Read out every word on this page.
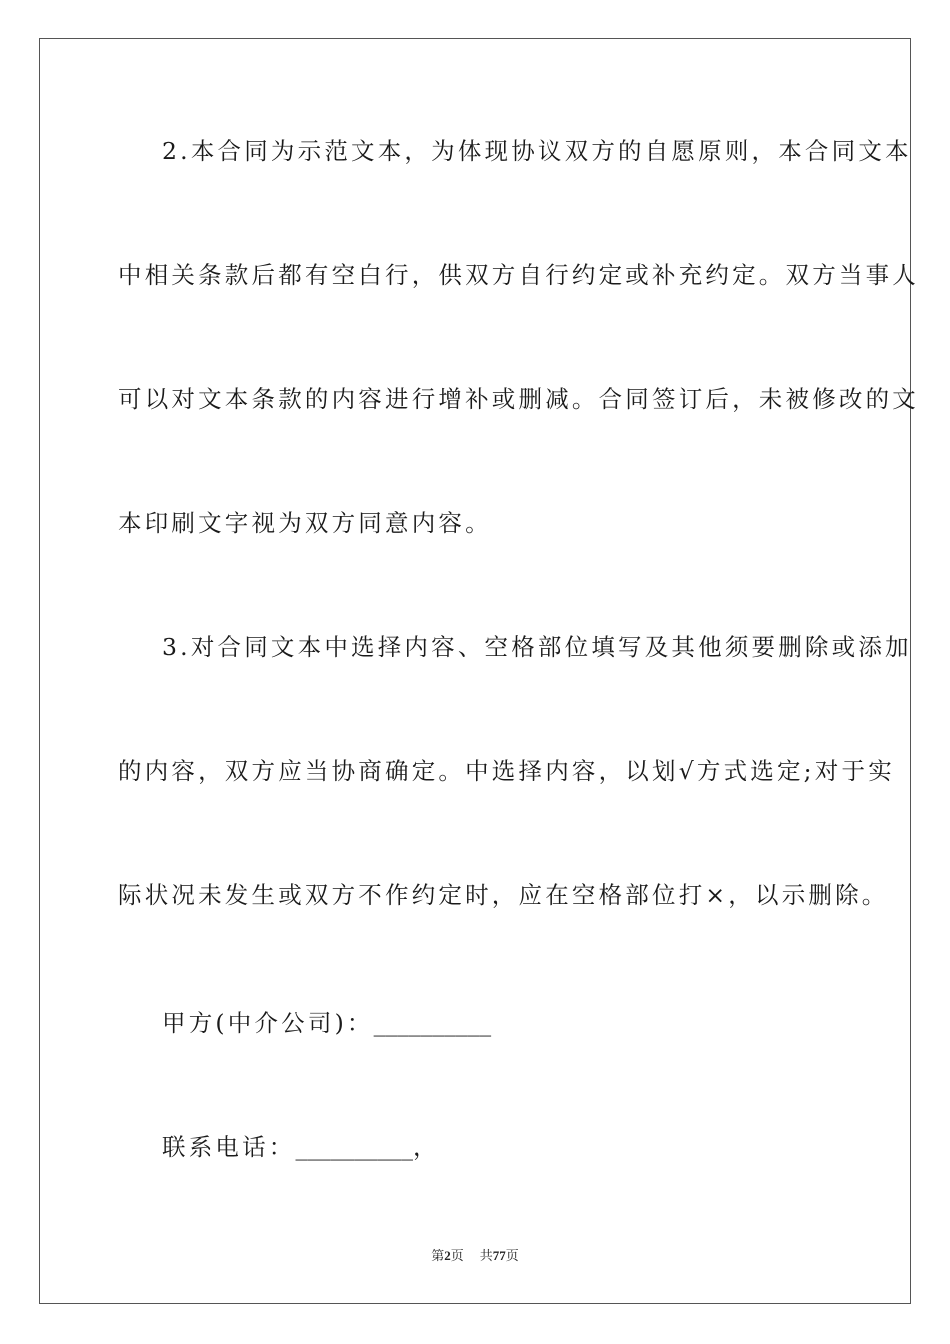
2.本合同为示范文本，为体现协议双方的自愿原则，本合同文本

中相关条款后都有空白行，供双方自行约定或补充约定。双方当事人

可以对文本条款的内容进行增补或删减。合同签订后，未被修改的文

本印刷文字视为双方同意内容。

3.对合同文本中选择内容、空格部位填写及其他须要删除或添加

的内容，双方应当协商确定。中选择内容，以划√方式选定;对于实

际状况未发生或双方不作约定时，应在空格部位打×，以示删除。

甲方(中介公司)：__________

联系电话：__________，

第2页 共77页
